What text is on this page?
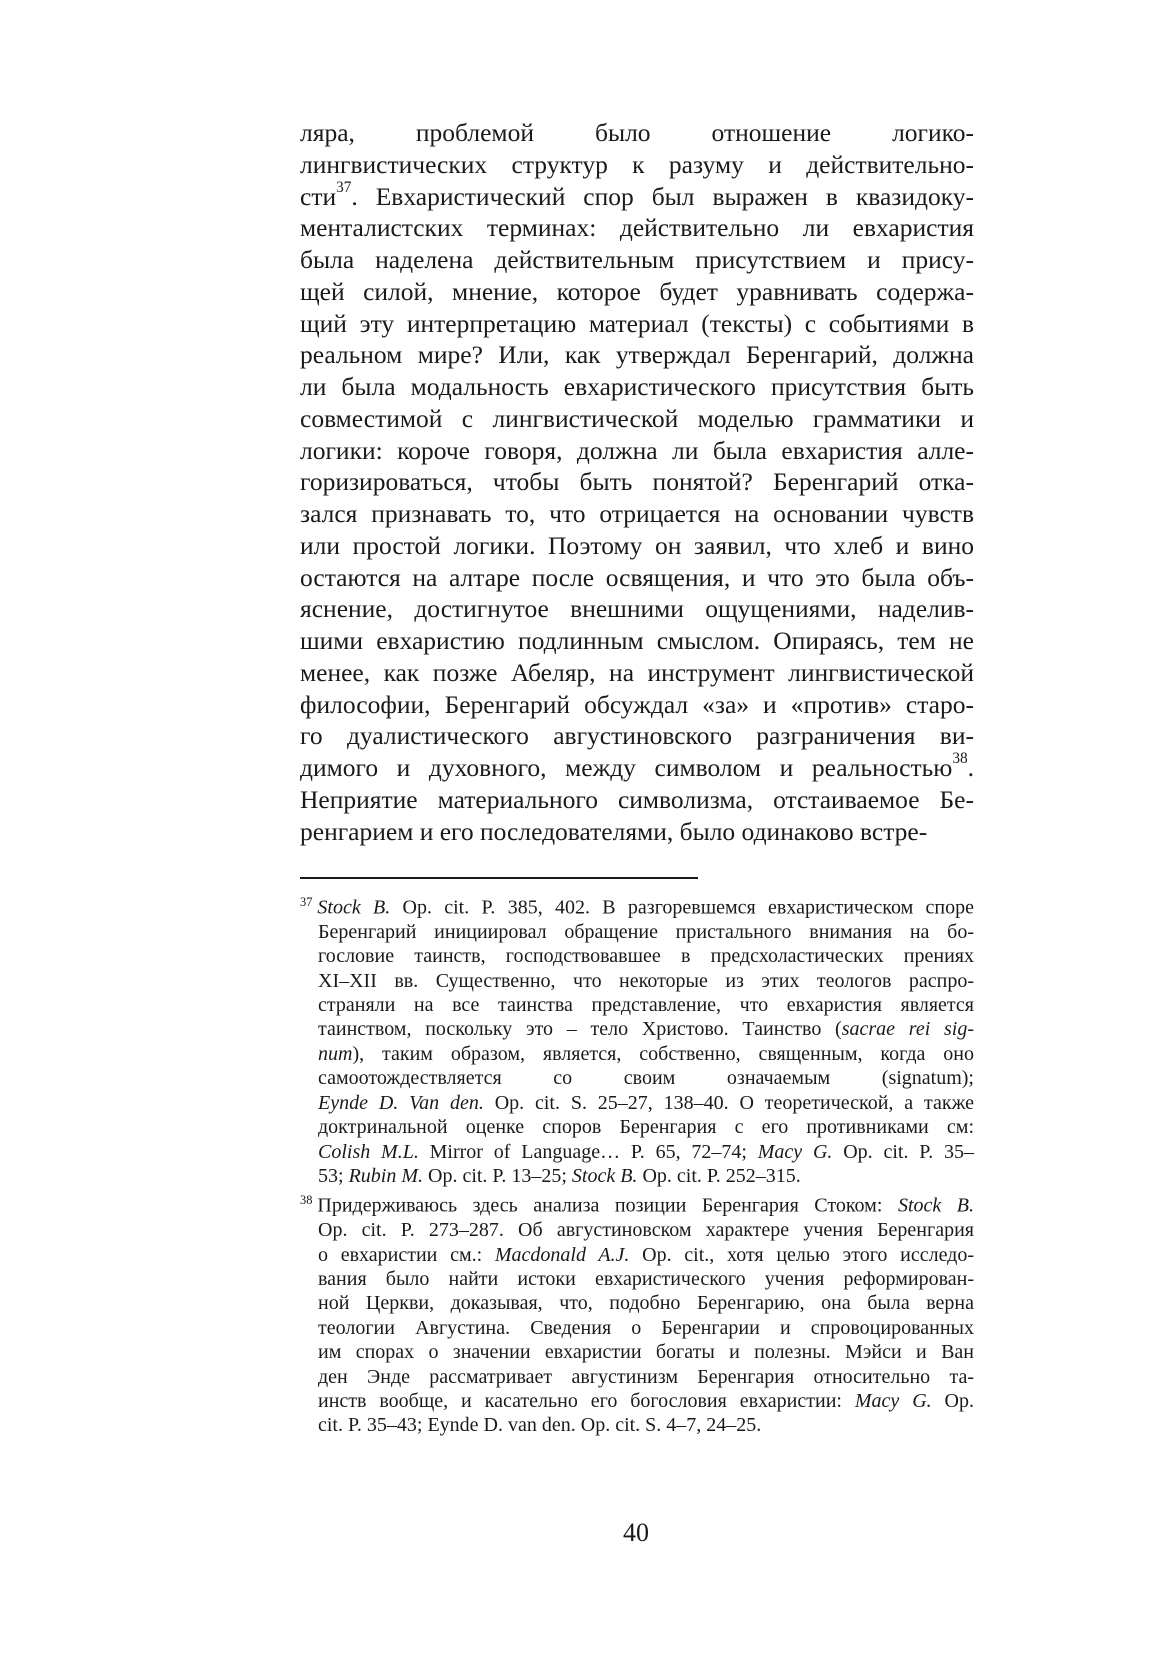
ляра, проблемой было отношение логико-
лингвистических структур к разуму и действительно-
сти$^{37}$. Евхаристический спор был выражен в квазидоку-
менталистских терминах: действительно ли евхаристия
была наделена действительным присутствием и прису-
щей силой, мнение, которое будет уравнивать содержа-
щий эту интерпретацию материал (тексты) с событиями в
реальном мире? Или, как утверждал Беренгарий, должна
ли была модальность евхаристического присутствия быть
совместимой с лингвистической моделью грамматики и
логики: короче говоря, должна ли была евхаристия алле-
горизироваться, чтобы быть понятой? Беренгарий отка-
зался признавать то, что отрицается на основании чувств
или простой логики. Поэтому он заявил, что хлеб и вино
остаются на алтаре после освящения, и что это была объ-
яснение, достигнутое внешними ощущениями, наделив-
шими евхаристию подлинным смыслом. Опираясь, тем не
менее, как позже Абеляр, на инструмент лингвистической
философии, Беренгарий обсуждал «за» и «против» старо-
го дуалистического августиновского разграничения ви-
димого и духовного, между символом и реальностью$^{38}$.
Неприятие материального символизма, отстаиваемое Бе-
ренгарием и его последователями, было одинаково встре-
$^{37}$ Stock B. Op. cit. P. 385, 402. В разгоревшемся евхаристическом споре
Беренгарий инициировал обращение пристального внимания на бо-
гословие таинств, господствовавшее в предсхоластических прениях
XI–XII вв. Существенно, что некоторые из этих теологов распро-
страняли на все таинства представление, что евхаристия является
таинством, поскольку это – тело Христово. Таинство (sacrae rei sig-
num), таким образом, является, собственно, священным, когда оно
самоотождествляется со своим означаемым (signatum);
Eynde D. Van den. Op. cit. S. 25–27, 138–40. О теоретической, а также
доктринальной оценке споров Беренгария с его противниками см:
Colish M.L. Mirror of Language… P. 65, 72–74; Macy G. Op. cit. P. 35–
53; Rubin M. Op. cit. P. 13–25; Stock B. Op. cit. P. 252–315.
$^{38}$ Придерживаюсь здесь анализа позиции Беренгария Стоком: Stock B.
Op. cit. P. 273–287. Об августиновском характере учения Беренгария
о евхаристии см.: Macdonald A.J. Op. cit., хотя целью этого исследо-
вания было найти истоки евхаристического учения реформирован-
ной Церкви, доказывая, что, подобно Беренгарию, она была верна
теологии Августина. Сведения о Беренгарии и спровоцированных
им спорах о значении евхаристии богаты и полезны. Мэйси и Ван
ден Энде рассматривает августинизм Беренгария относительно та-
инств вообще, и касательно его богословия евхаристии: Macy G. Op.
cit. P. 35–43; Eynde D. van den. Op. cit. S. 4–7, 24–25.
40
